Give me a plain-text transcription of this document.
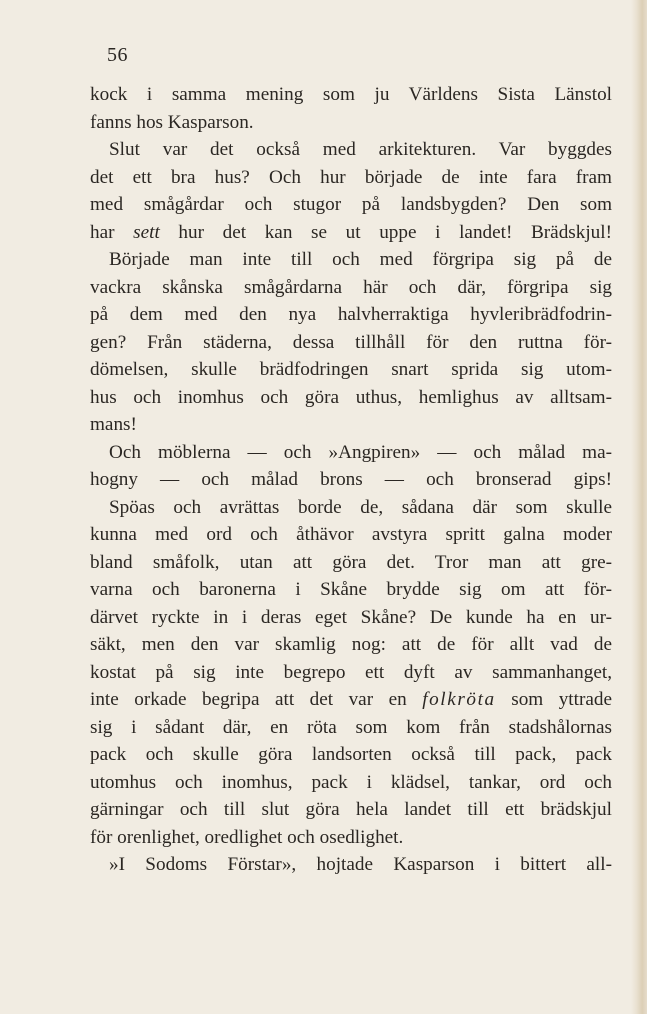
56
kock i samma mening som ju Världens Sista Länstol
fanns hos Kasparson.
Slut var det också med arkitekturen. Var byggdes
det ett bra hus? Och hur började de inte fara fram
med smågårdar och stugor på landsbygden? Den som
har sett hur det kan se ut uppe i landet! Brädskjul!
Började man inte till och med förgripa sig på de
vackra skånska smågårdarna här och där, förgripa sig
på dem med den nya halvherraktiga hyvleribrädfodrin-
gen? Från städerna, dessa tillhåll för den ruttna för-
dömelsen, skulle brädfodringen snart sprida sig utom-
hus och inomhus och göra uthus, hemlighus av alltsam-
mans!
Och möblerna — och »Angpiren» — och målad ma-
hogny — och målad brons — och bronserad gips!
Spöas och avrättas borde de, sådana där som skulle
kunna med ord och åthävor avstyra spritt galna moder
bland småfolk, utan att göra det. Tror man att gre-
varna och baronerna i Skåne brydde sig om att för-
därvet ryckte in i deras eget Skåne? De kunde ha en ur-
säkt, men den var skamlig nog: att de för allt vad de
kostat på sig inte begrepo ett dyft av sammanhanget,
inte orkade begripa att det var en folkröta som yttrade
sig i sådant där, en röta som kom från stadshålornas
pack och skulle göra landsorten också till pack, pack
utomhus och inomhus, pack i klädsel, tankar, ord och
gärningar och till slut göra hela landet till ett brädskjul
för orenlighet, oredlighet och osedlighet.
»I Sodoms Förstar», hojtade Kasparson i bittert all-
